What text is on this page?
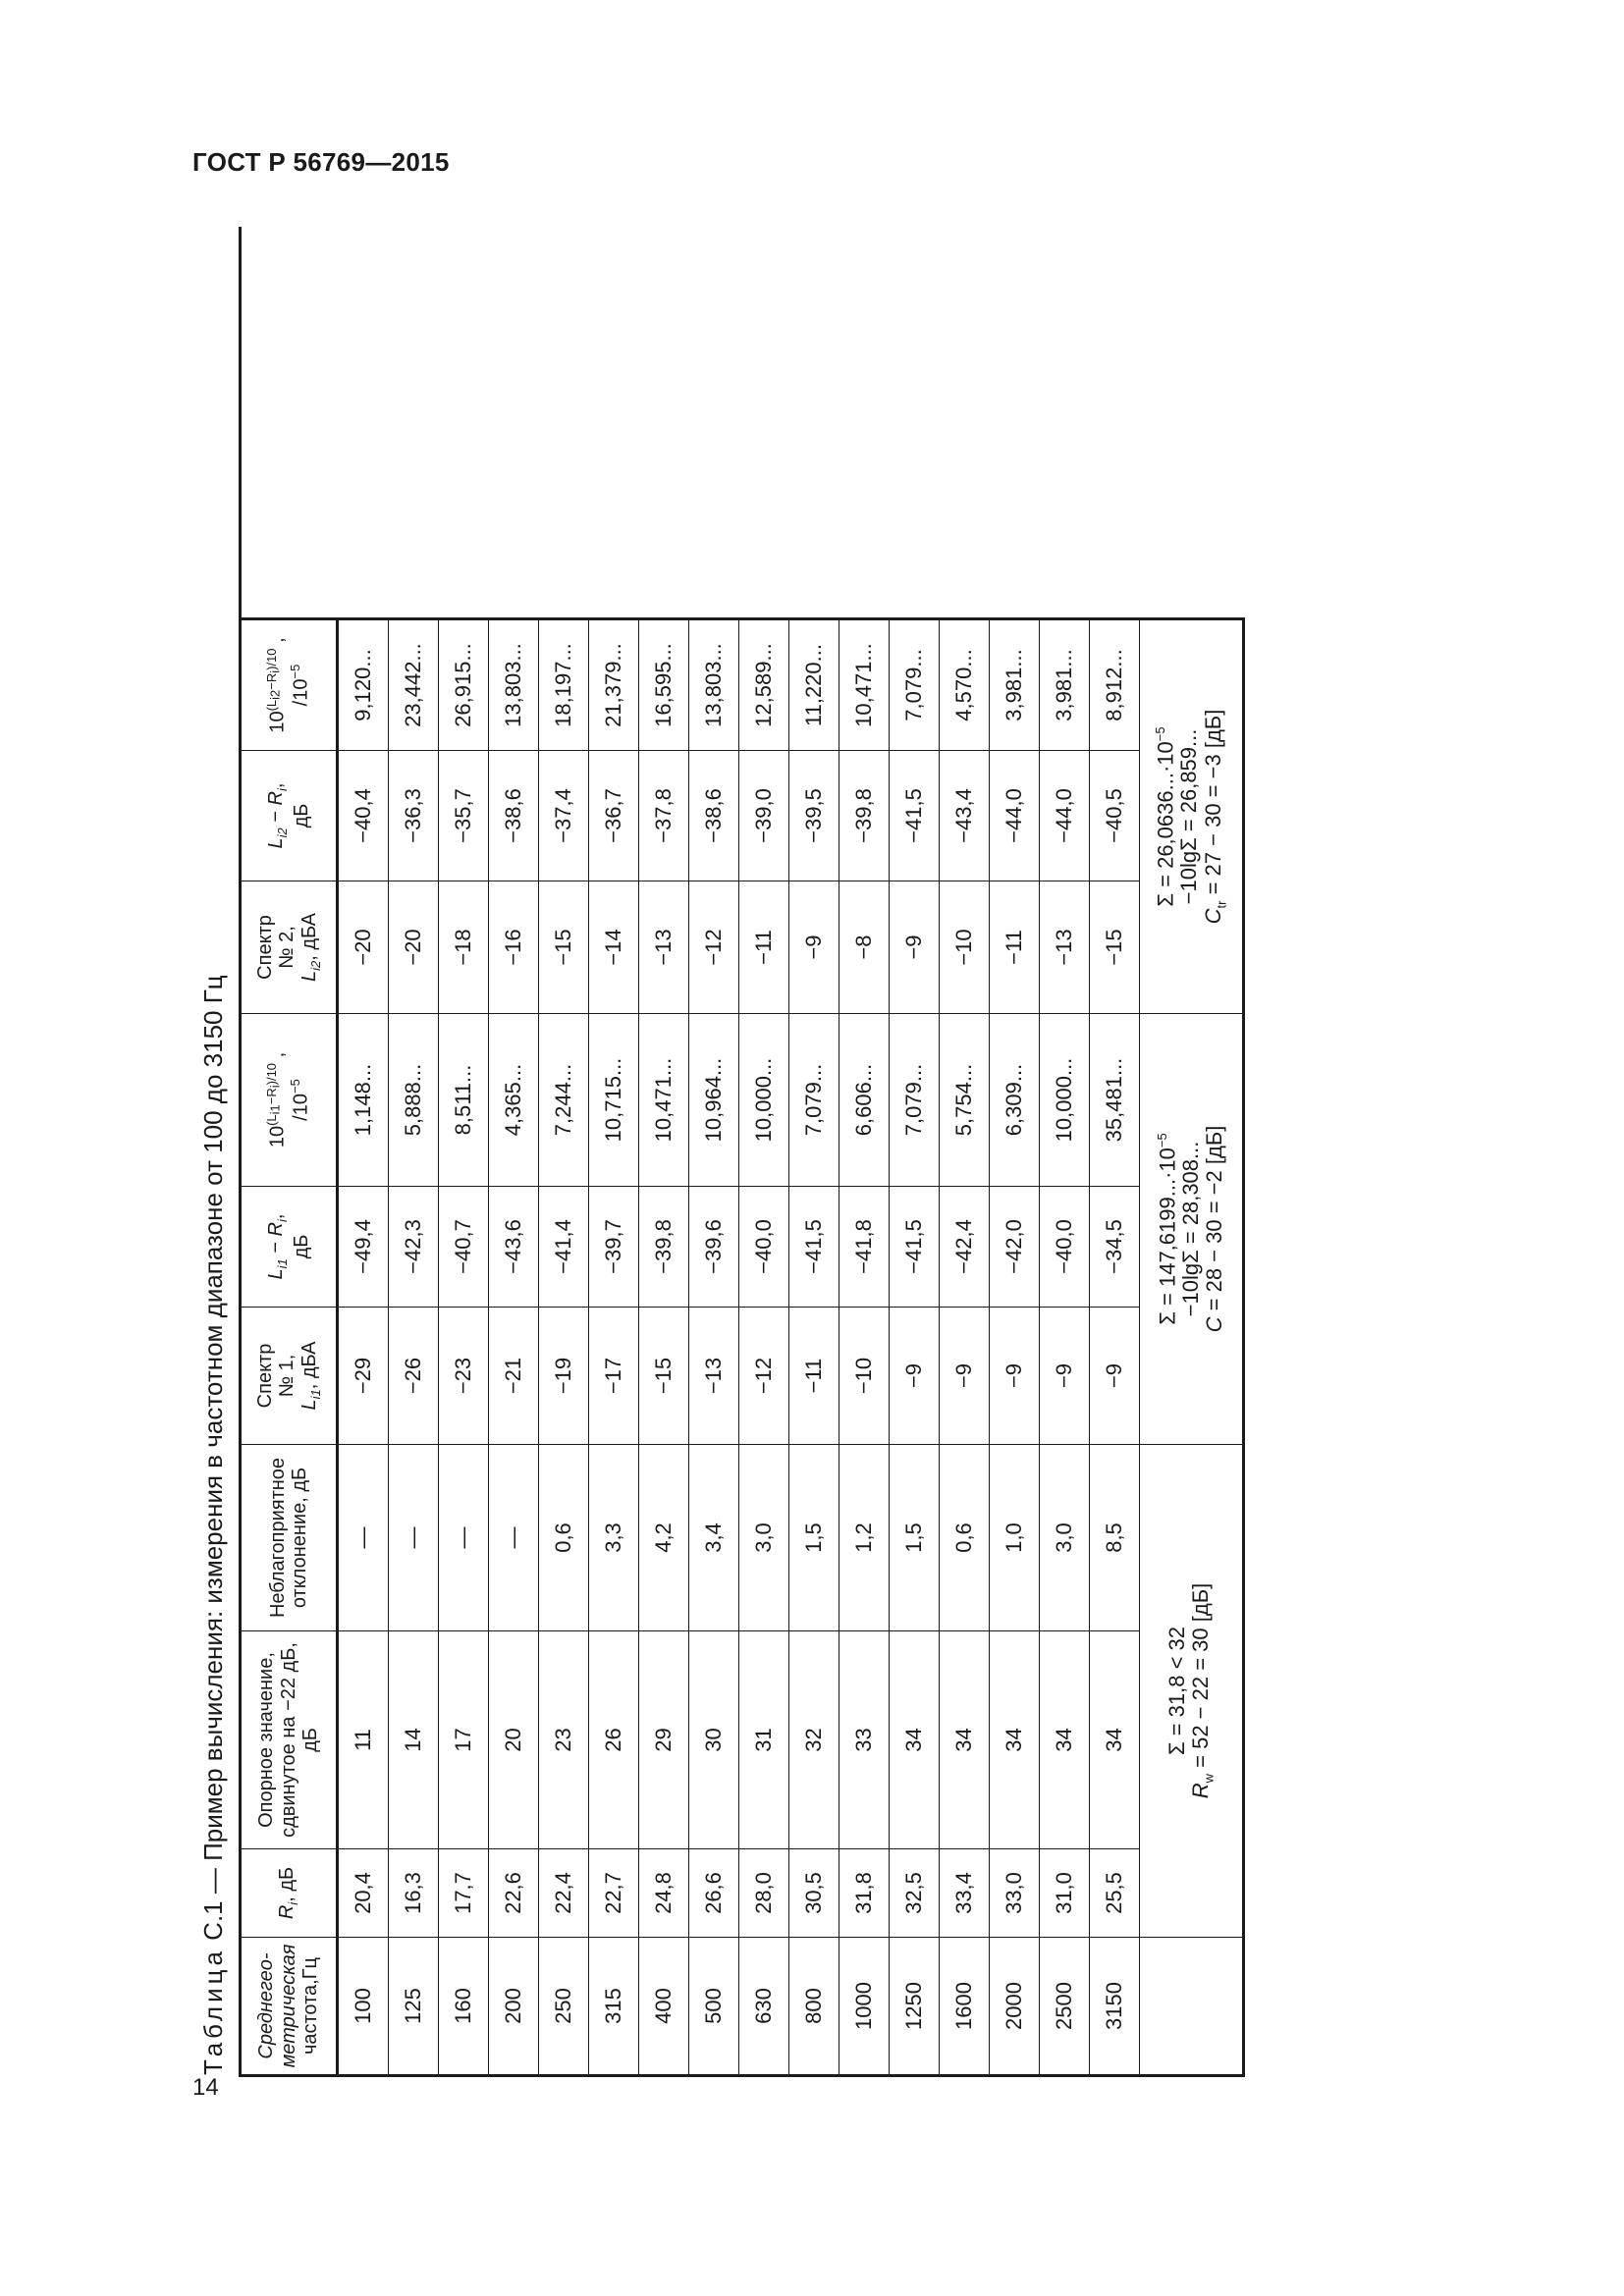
ГОСТ Р 56769—2015
14
Таблица С.1 — Пример вычисления: измерения в частотном диапазоне от 100 до 3150 Гц
Среднегео-
метрическая
частота,Гц
$R_i$, дБ
Опорное значение,
сдвинутое на −22 дБ, дБ
Неблагоприятное
отклонение, дБ
Спектр
№ 1,
$L_{i1}$, дБА
$L_{i1} - R_i$,
дБ
$10^{(L_{i1}-R_i)/10}$ ,
$/10^{-5}$
Спектр
№ 2,
$L_{i2}$, дБА
$L_{i2} - R_i$,
дБ
$10^{(L_{i2}-R_i)/10}$ ,
$/10^{-5}$
100
20,4
11
—
−29
−49,4
1,148...
−20
−40,4
9,120...
125
16,3
14
—
−26
−42,3
5,888...
−20
−36,3
23,442...
160
17,7
17
—
−23
−40,7
8,511...
−18
−35,7
26,915...
200
22,6
20
—
−21
−43,6
4,365...
−16
−38,6
13,803...
250
22,4
23
0,6
−19
−41,4
7,244...
−15
−37,4
18,197...
315
22,7
26
3,3
−17
−39,7
10,715...
−14
−36,7
21,379...
400
24,8
29
4,2
−15
−39,8
10,471...
−13
−37,8
16,595...
500
26,6
30
3,4
−13
−39,6
10,964...
−12
−38,6
13,803...
630
28,0
31
3,0
−12
−40,0
10,000...
−11
−39,0
12,589...
800
30,5
32
1,5
−11
−41,5
7,079...
−9
−39,5
11,220...
1000
31,8
33
1,2
−10
−41,8
6,606...
−8
−39,8
10,471...
1250
32,5
34
1,5
−9
−41,5
7,079...
−9
−41,5
7,079...
1600
33,4
34
0,6
−9
−42,4
5,754...
−10
−43,4
4,570...
2000
33,0
34
1,0
−9
−42,0
6,309...
−11
−44,0
3,981...
2500
31,0
34
3,0
−9
−40,0
10,000...
−13
−44,0
3,981...
3150
25,5
34
8,5
−9
−34,5
35,481...
−15
−40,5
8,912...
Σ = 31,8 < 32
$R_w = 52 - 22 = 30$ [дБ]
$\Sigma = 147,6199...\cdot 10^{-5}$
−10lgΣ = 28,308...
C = 28 − 30 = −2 [дБ]
$\Sigma = 26,0636...\cdot 10^{-5} -10\lg\Sigma = 26,859$...
$C_{tr} = 27 - 30 = -3$ [дБ]
